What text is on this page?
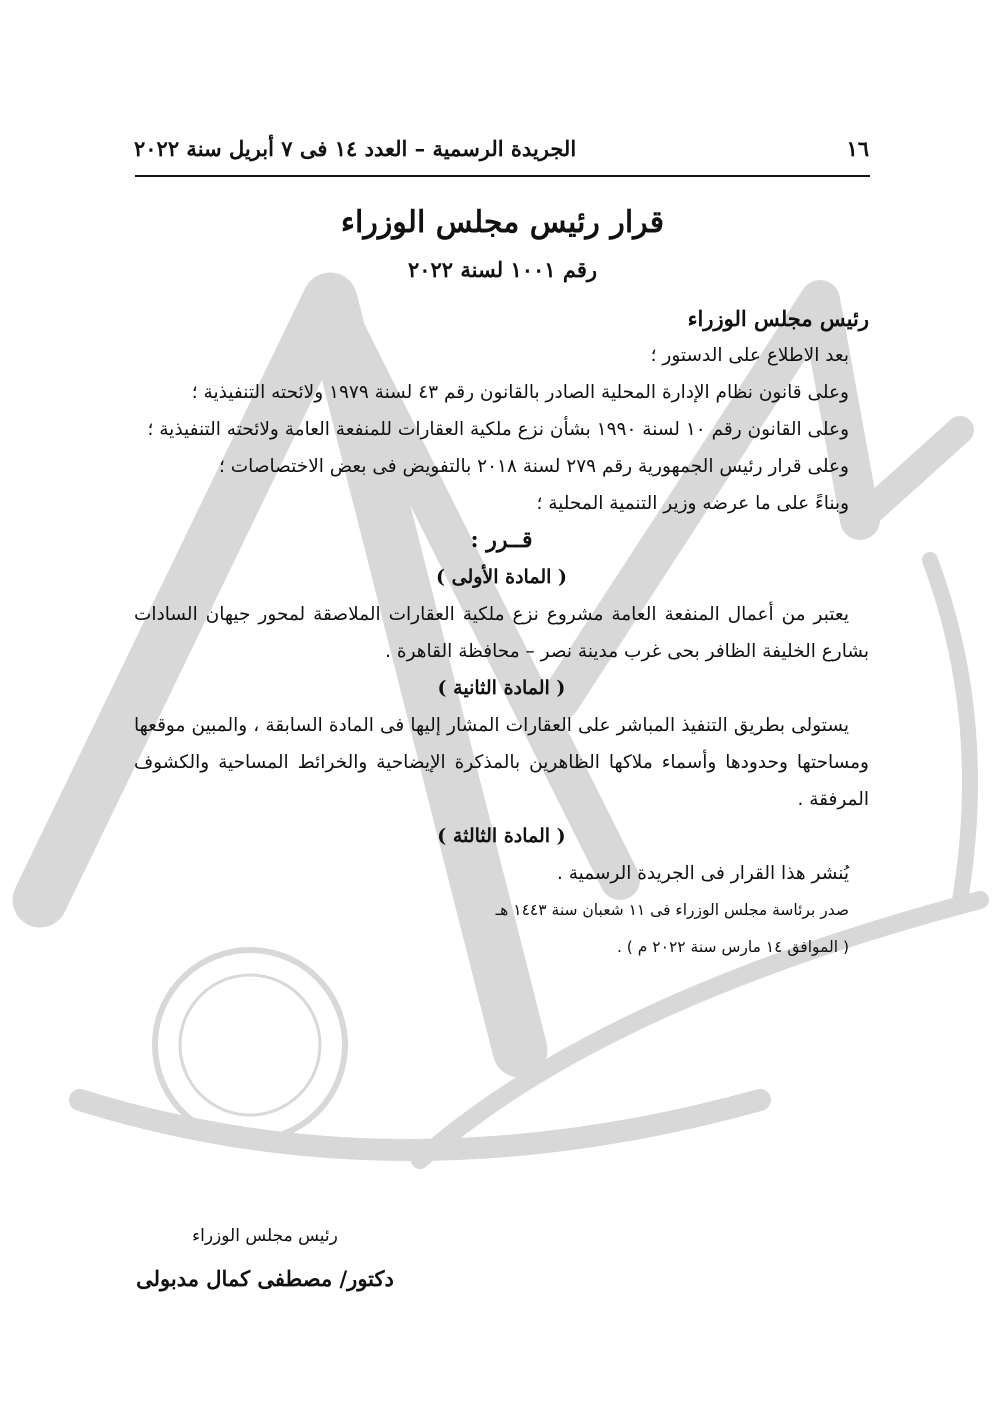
١٦
الجريدة الرسمية – العدد ١٤ فى ٧ أبريل سنة ٢٠٢٢
قرار رئيس مجلس الوزراء
رقم ١٠٠١ لسنة ٢٠٢٢

رئيس مجلس الوزراء

بعد الاطلاع على الدستور ؛

وعلى قانون نظام الإدارة المحلية الصادر بالقانون رقم ٤٣ لسنة ١٩٧٩ ولائحته التنفيذية ؛

وعلى القانون رقم ١٠ لسنة ١٩٩٠ بشأن نزع ملكية العقارات للمنفعة العامة ولائحته التنفيذية ؛

وعلى قرار رئيس الجمهورية رقم ٢٧٩ لسنة ٢٠١٨ بالتفويض فى بعض الاختصاصات ؛

وبناءً على ما عرضه وزير التنمية المحلية ؛

قــرر :

( المادة الأولى )

يعتبر من أعمال المنفعة العامة مشروع نزع ملكية العقارات الملاصقة لمحور جيهان السادات بشارع الخليفة الظافر بحى غرب مدينة نصر – محافظة القاهرة .

( المادة الثانية )

يستولى بطريق التنفيذ المباشر على العقارات المشار إليها فى المادة السابقة ، والمبين موقعها ومساحتها وحدودها وأسماء ملاكها الظاهرين بالمذكرة الإيضاحية والخرائط المساحية والكشوف المرفقة .

( المادة الثالثة )

يُنشر هذا القرار فى الجريدة الرسمية .

صدر برئاسة مجلس الوزراء فى ١١ شعبان سنة ١٤٤٣ هـ

( الموافق ١٤ مارس سنة ٢٠٢٢ م ) .

رئيس مجلس الوزراء
دكتور/ مصطفى كمال مدبولى
